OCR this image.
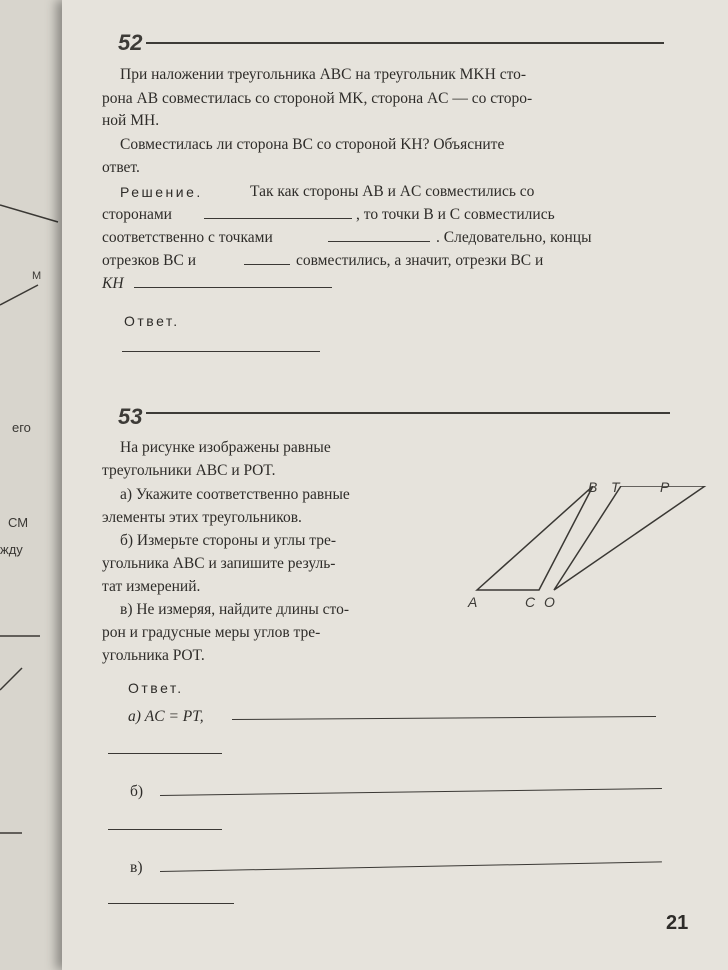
M
его
СМ
жду
52
При наложении треугольника ABC на треугольник MKH сто-
рона AB совместилась со стороной MK, сторона AC — со сторо-
ной MH.
Совместилась ли сторона BC со стороной KH? Объясните
ответ.
Решение.	Так как стороны AB и AC совместились со
сторонами	, то точки B и C совместились
соответственно с точками	. Следовательно, концы
отрезков BC и	совместились, а значит, отрезки BC и
KH
Ответ.
53
На рисунке изображены равные
треугольники ABC и POT.
а) Укажите соответственно равные
элементы этих треугольников.
б) Измерьте стороны и углы тре-
угольника ABC и запишите резуль-
тат измерений.
в) Не измеряя, найдите длины сто-
рон и градусные меры углов тре-
угольника POT.
B T	P
A	C O
Ответ.
а) AC = PT,
б)
в)
21
